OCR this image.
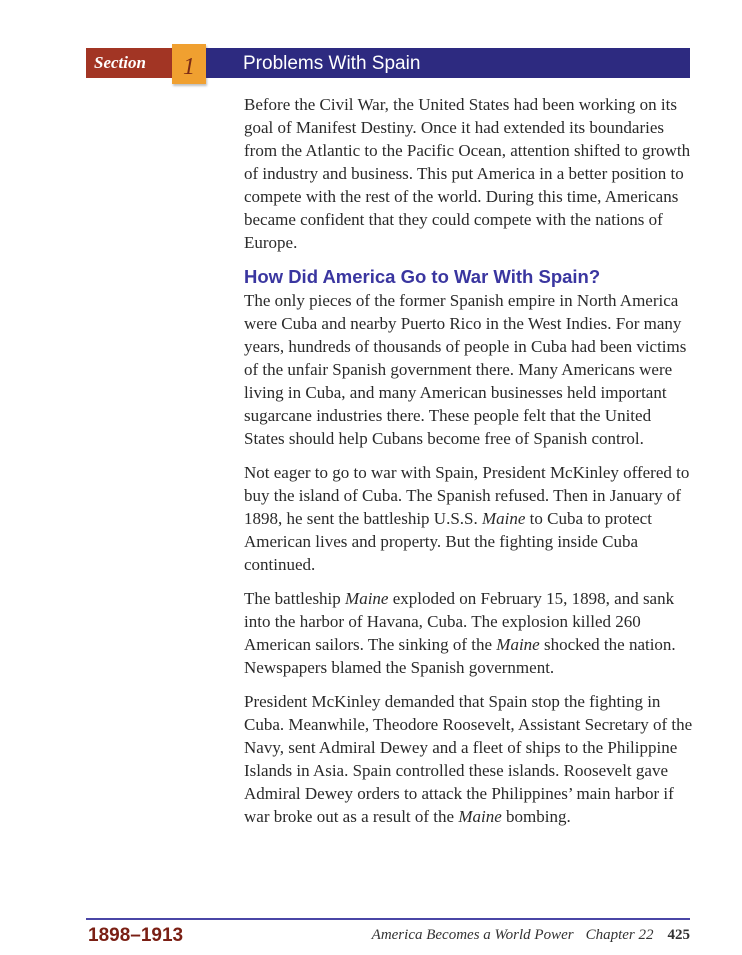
Section	1	Problems With Spain

Before the Civil War, the United States had been working on its goal of Manifest Destiny. Once it had extended its boundaries from the Atlantic to the Pacific Ocean, attention shifted to growth of industry and business. This put America in a better position to compete with the rest of the world. During this time, Americans became confident that they could compete with the nations of Europe.

How Did America Go to War With Spain?

The only pieces of the former Spanish empire in North America were Cuba and nearby Puerto Rico in the West Indies. For many years, hundreds of thousands of people in Cuba had been victims of the unfair Spanish government there. Many Americans were living in Cuba, and many American businesses held important sugarcane industries there. These people felt that the United States should help Cubans become free of Spanish control.

Not eager to go to war with Spain, President McKinley offered to buy the island of Cuba. The Spanish refused. Then in January of 1898, he sent the battleship U.S.S. Maine to Cuba to protect American lives and property. But the fighting inside Cuba continued.

The battleship Maine exploded on February 15, 1898, and sank into the harbor of Havana, Cuba. The explosion killed 260 American sailors. The sinking of the Maine shocked the nation. Newspapers blamed the Spanish government.

President McKinley demanded that Spain stop the fighting in Cuba. Meanwhile, Theodore Roosevelt, Assistant Secretary of the Navy, sent Admiral Dewey and a fleet of ships to the Philippine Islands in Asia. Spain controlled these islands. Roosevelt gave Admiral Dewey orders to attack the Philippines’ main harbor if war broke out as a result of the Maine bombing.

1898–1913	America Becomes a World Power Chapter 22 425
